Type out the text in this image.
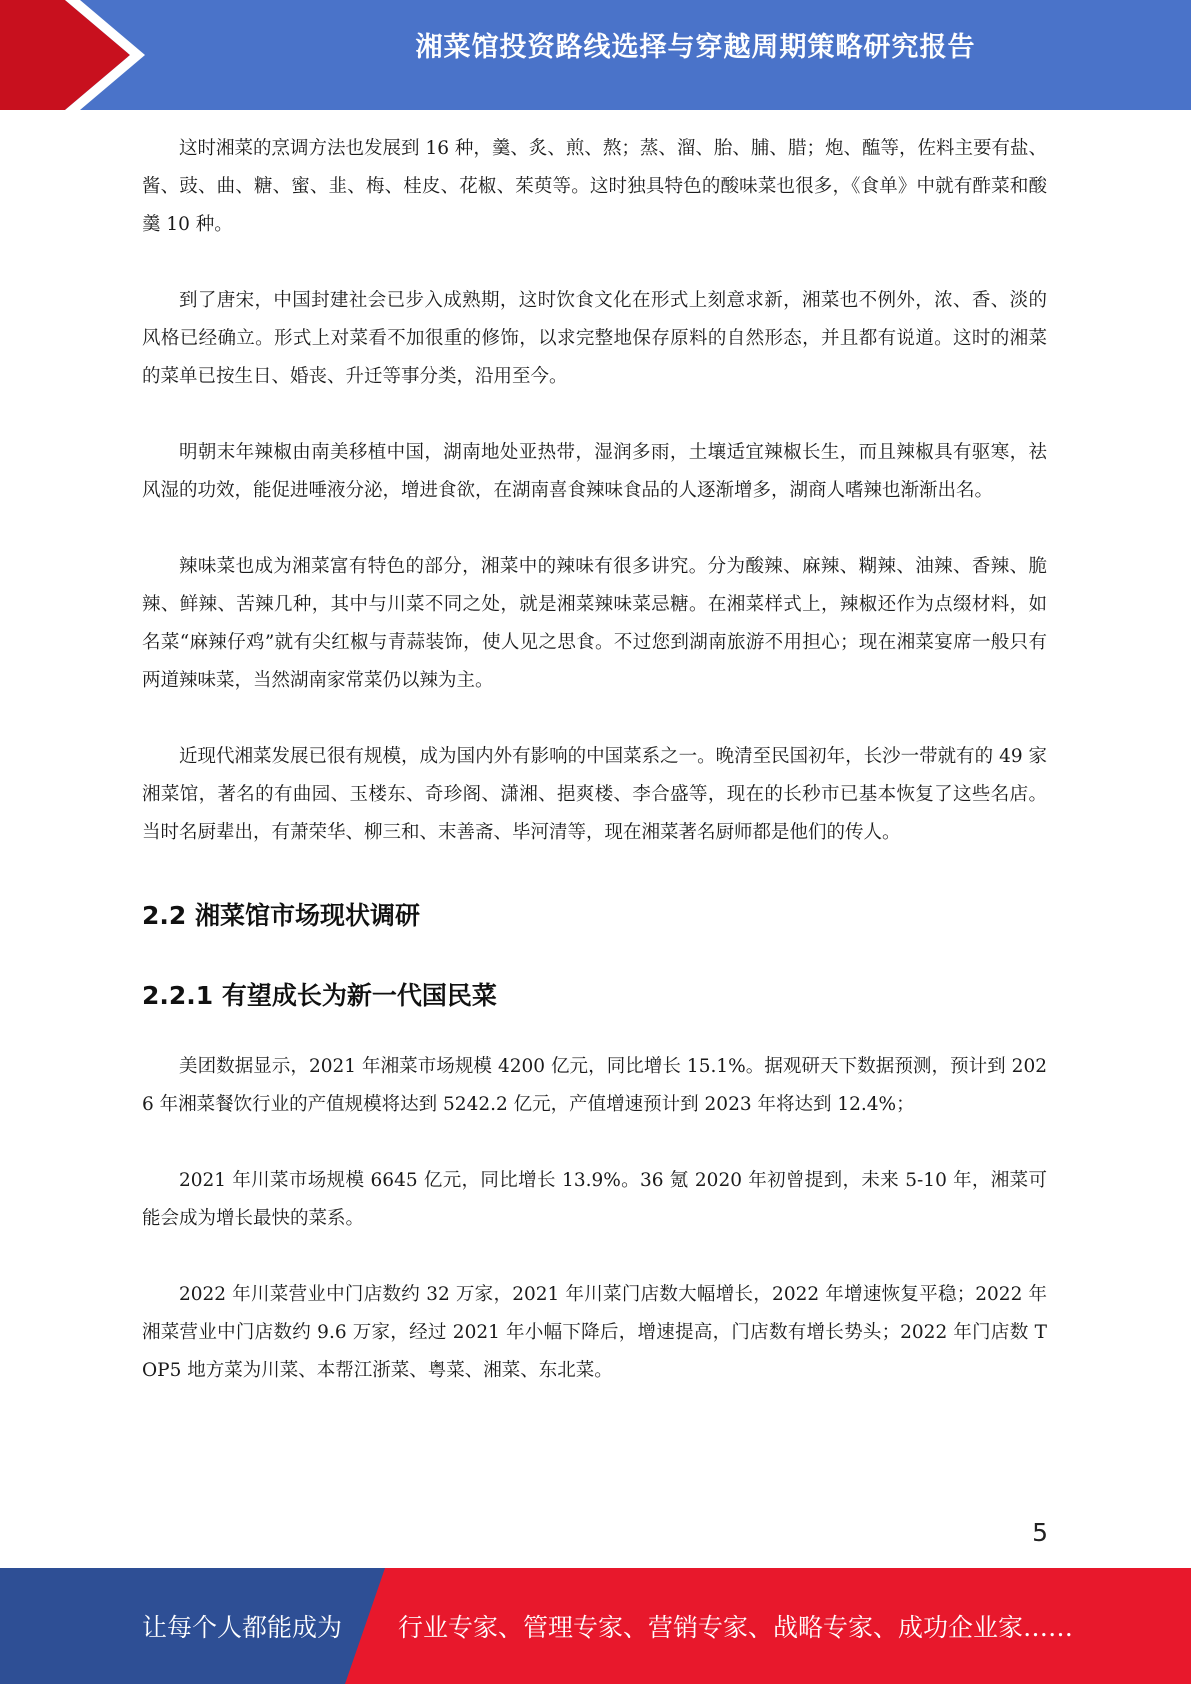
湘菜馆投资路线选择与穿越周期策略研究报告

这时湘菜的烹调方法也发展到 16 种，羹、炙、煎、熬；蒸、溜、胎、脯、腊；炮、醢等，佐料主要有盐、酱、豉、曲、糖、蜜、韭、梅、桂皮、花椒、茱萸等。这时独具特色的酸味菜也很多，《食单》中就有酢菜和酸羹 10 种。

到了唐宋，中国封建社会已步入成熟期，这时饮食文化在形式上刻意求新，湘菜也不例外，浓、香、淡的风格已经确立。形式上对菜看不加很重的修饰，以求完整地保存原料的自然形态，并且都有说道。这时的湘菜的菜单已按生日、婚丧、升迁等事分类，沿用至今。

明朝末年辣椒由南美移植中国，湖南地处亚热带，湿润多雨，土壤适宜辣椒长生，而且辣椒具有驱寒，祛风湿的功效，能促进唾液分泌，增进食欲，在湖南喜食辣味食品的人逐渐增多，湖商人嗜辣也渐渐出名。

辣味菜也成为湘菜富有特色的部分，湘菜中的辣味有很多讲究。分为酸辣、麻辣、糊辣、油辣、香辣、脆辣、鲜辣、苦辣几种，其中与川菜不同之处，就是湘菜辣味菜忌糖。在湘菜样式上，辣椒还作为点缀材料，如名菜“麻辣仔鸡”就有尖红椒与青蒜装饰，使人见之思食。不过您到湖南旅游不用担心；现在湘菜宴席一般只有两道辣味菜，当然湖南家常菜仍以辣为主。

近现代湘菜发展已很有规模，成为国内外有影响的中国菜系之一。晚清至民国初年，长沙一带就有的 49 家湘菜馆，著名的有曲园、玉楼东、奇珍阁、潇湘、挹爽楼、李合盛等，现在的长秒市已基本恢复了这些名店。当时名厨辈出，有萧荣华、柳三和、末善斋、毕河清等，现在湘菜著名厨师都是他们的传人。

2.2 湘菜馆市场现状调研
2.2.1 有望成长为新一代国民菜

美团数据显示，2021 年湘菜市场规模 4200 亿元，同比增长 15.1%。据观研天下数据预测，预计到 2026 年湘菜餐饮行业的产值规模将达到 5242.2 亿元，产值增速预计到 2023 年将达到 12.4%；

2021 年川菜市场规模 6645 亿元，同比增长 13.9%。36 氪 2020 年初曾提到，未来 5-10 年，湘菜可能会成为增长最快的菜系。

2022 年川菜营业中门店数约 32 万家，2021 年川菜门店数大幅增长，2022 年增速恢复平稳；2022 年湘菜营业中门店数约 9.6 万家，经过 2021 年小幅下降后，增速提高，门店数有增长势头；2022 年门店数 TOP5 地方菜为川菜、本帮江浙菜、粤菜、湘菜、东北菜。

5
让每个人都能成为 行业专家、管理专家、营销专家、战略专家、成功企业家……
